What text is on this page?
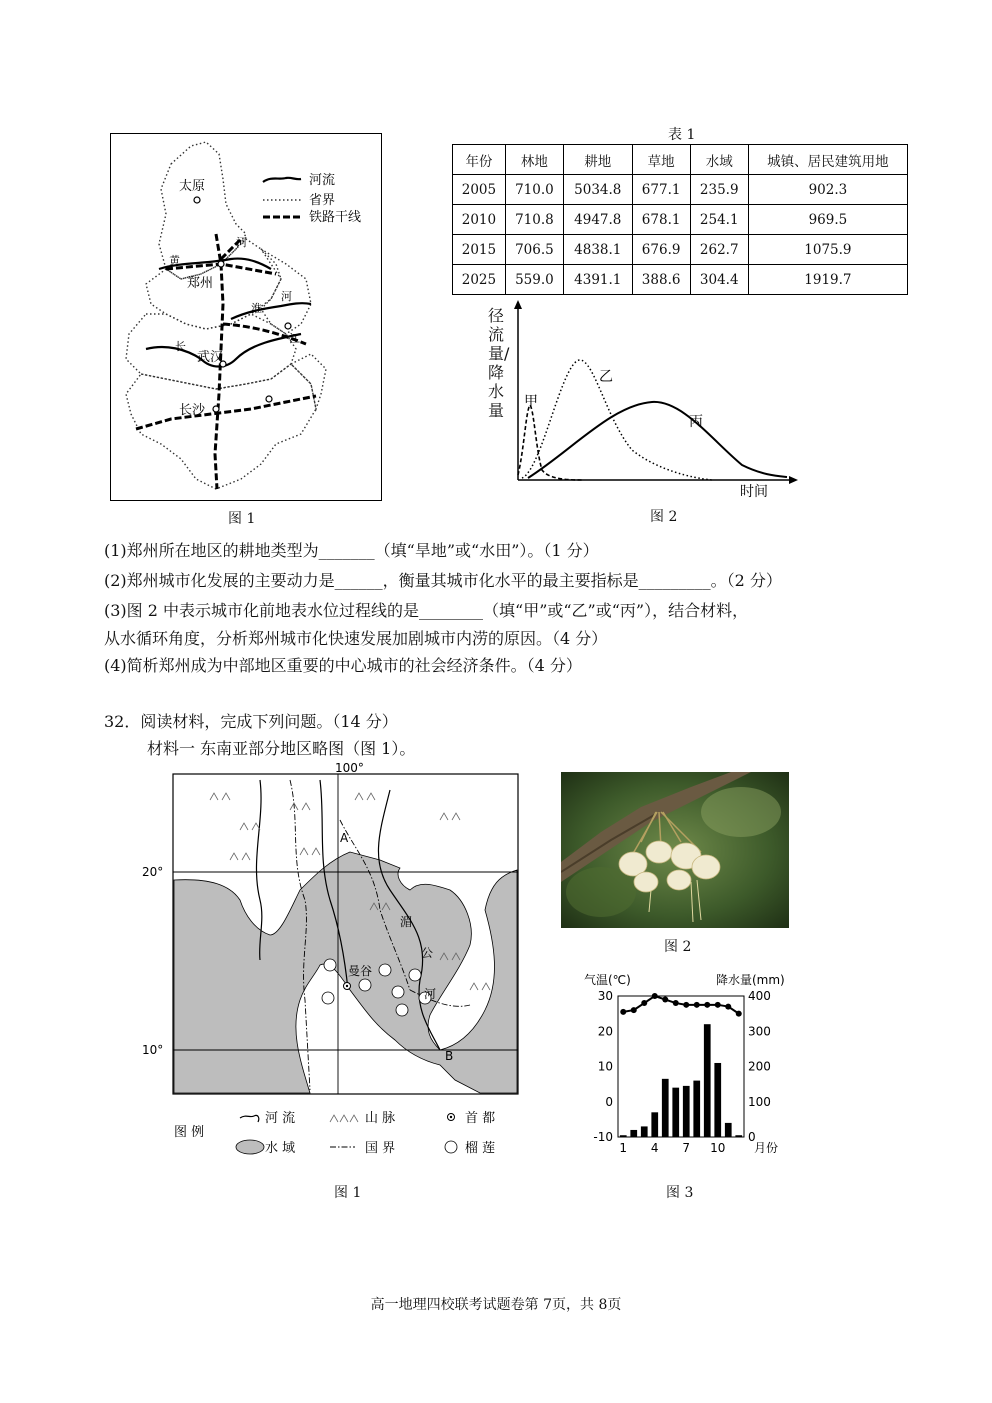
太原
郑州
武汉
长沙
黄
河
长
江
淮
河
河流
省界
铁路干线
图 1
表 1
年份	林地	耕地	草地	水域	城镇、居民建筑用地
2005	710.0	5034.8	677.1	235.9	902.3
2010	710.8	4947.8	678.1	254.1	969.5
2015	706.5	4838.1	676.9	262.7	1075.9
2025	559.0	4391.1	388.6	304.4	1919.7
甲
乙
丙
时间
径流量/降水量
图 2
(1)郑州所在地区的耕地类型为_______（填“旱地”或“水田”）。（1 分）
(2)郑州城市化发展的主要动力是______，衡量其城市化水平的最主要指标是_________。（2 分）
(3)图 2 中表示城市化前地表水位过程线的是________（填“甲”或“乙”或“丙”），结合材料，
从水循环角度，分析郑州城市化快速发展加剧城市内涝的原因。（4 分）
(4)简析郑州成为中部地区重要的中心城市的社会经济条件。（4 分）
32．阅读材料，完成下列问题。（14 分）
材料一 东南亚部分地区略图（图 1）。
100°
20°
10°
曼谷
湄
公
河
A
B
图 例
河 流	山 脉	首 都
水 域	国 界	榴 莲
图 1
图 2
气温(℃)	降水量(mm)
30
20
10
0
-10
400
300
200
100
0
1 4 7 10 月份
图 3
高一地理四校联考试题卷第 7页，共 8页
